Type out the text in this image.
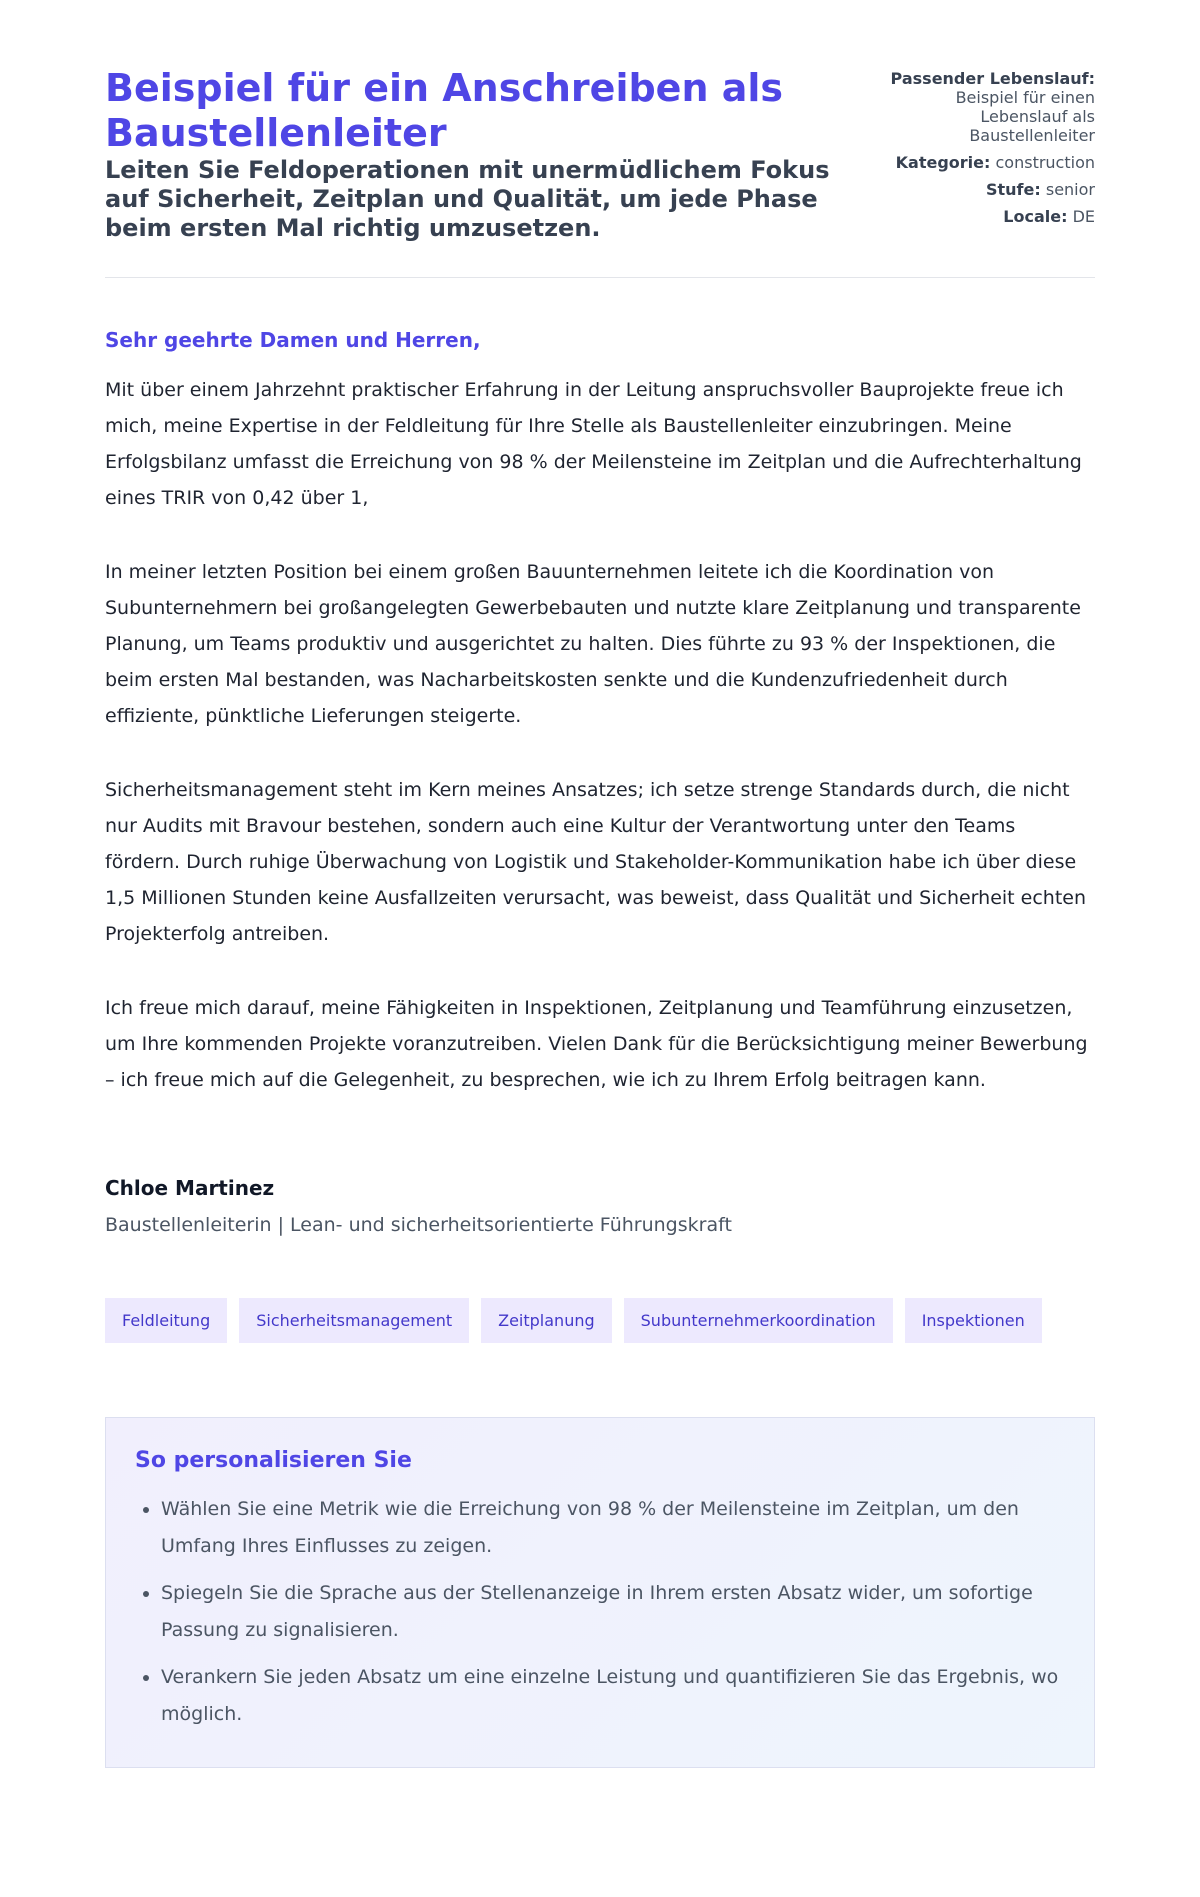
Beispiel für ein Anschreiben als Baustellenleiter

Leiten Sie Feldoperationen mit unermüdlichem Fokus auf Sicherheit, Zeitplan und Qualität, um jede Phase beim ersten Mal richtig umzusetzen.

Passender Lebenslauf:
Beispiel für einen Lebenslauf als Baustellenleiter
Kategorie: construction
Stufe: senior
Locale: DE
Sehr geehrte Damen und Herren,

Mit über einem Jahrzehnt praktischer Erfahrung in der Leitung anspruchsvoller Bauprojekte freue ich mich, meine Expertise in der Feldleitung für Ihre Stelle als Baustellenleiter einzubringen. Meine Erfolgsbilanz umfasst die Erreichung von 98 % der Meilensteine im Zeitplan und die Aufrechterhaltung eines TRIR von 0,42 über 1,

In meiner letzten Position bei einem großen Bauunternehmen leitete ich die Koordination von Subunternehmern bei großangelegten Gewerbebauten und nutzte klare Zeitplanung und transparente Planung, um Teams produktiv und ausgerichtet zu halten. Dies führte zu 93 % der Inspektionen, die beim ersten Mal bestanden, was Nacharbeitskosten senkte und die Kundenzufriedenheit durch effiziente, pünktliche Lieferungen steigerte.

Sicherheitsmanagement steht im Kern meines Ansatzes; ich setze strenge Standards durch, die nicht nur Audits mit Bravour bestehen, sondern auch eine Kultur der Verantwortung unter den Teams fördern. Durch ruhige Überwachung von Logistik und Stakeholder-Kommunikation habe ich über diese 1,5 Millionen Stunden keine Ausfallzeiten verursacht, was beweist, dass Qualität und Sicherheit echten Projekterfolg antreiben.

Ich freue mich darauf, meine Fähigkeiten in Inspektionen, Zeitplanung und Teamführung einzusetzen, um Ihre kommenden Projekte voranzutreiben. Vielen Dank für die Berücksichtigung meiner Bewerbung – ich freue mich auf die Gelegenheit, zu besprechen, wie ich zu Ihrem Erfolg beitragen kann.

Chloe Martinez
Baustellenleiterin | Lean- und sicherheitsorientierte Führungskraft
Feldleitung	Sicherheitsmanagement	Zeitplanung	Subunternehmerkoordination	Inspektionen
So personalisieren Sie
• Wählen Sie eine Metrik wie die Erreichung von 98 % der Meilensteine im Zeitplan, um den Umfang Ihres Einflusses zu zeigen.
• Spiegeln Sie die Sprache aus der Stellenanzeige in Ihrem ersten Absatz wider, um sofortige Passung zu signalisieren.
• Verankern Sie jeden Absatz um eine einzelne Leistung und quantifizieren Sie das Ergebnis, wo möglich.
